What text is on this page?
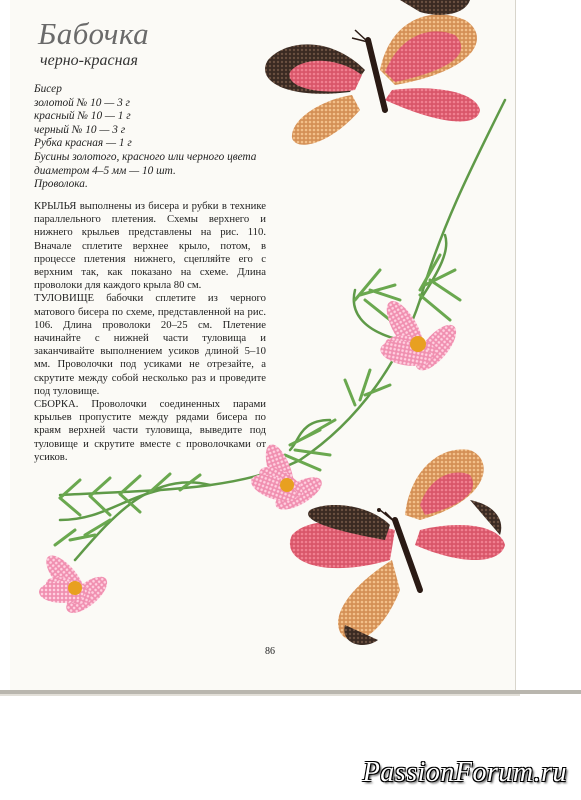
Бабочка
черно-красная
Бисер
золотой № 10 — 3 г
красный № 10 — 1 г
черный № 10 — 3 г
Рубка красная — 1 г
Бусины золотого, красного или черного цвета
диаметром 4–5 мм — 10 шт.
Проволока.

КРЫЛЬЯ выполнены из бисера и рубки в технике параллельного плетения. Схемы верхнего и нижнего крыльев представлены на рис. 110. Вначале сплетите верхнее крыло, потом, в процессе плетения нижнего, сцепляйте его с верхним так, как показано на схеме. Длина проволоки для каждого крыла 80 см.

ТУЛОВИЩЕ бабочки сплетите из черного матового бисера по схеме, представленной на рис. 106. Длина проволоки 20–25 см. Плетение начинайте с нижней части туловища и заканчивайте выполнением усиков длиной 5–10 мм. Проволочки под усиками не отрезайте, а скрутите между собой несколько раз и проведите под туловище.

СБОРКА. Проволочки соединенных парами крыльев пропустите между рядами бисера по краям верхней части туловища, выведите под туловище и скрутите вместе с проволочками от усиков.

86
PassionForum.ru
